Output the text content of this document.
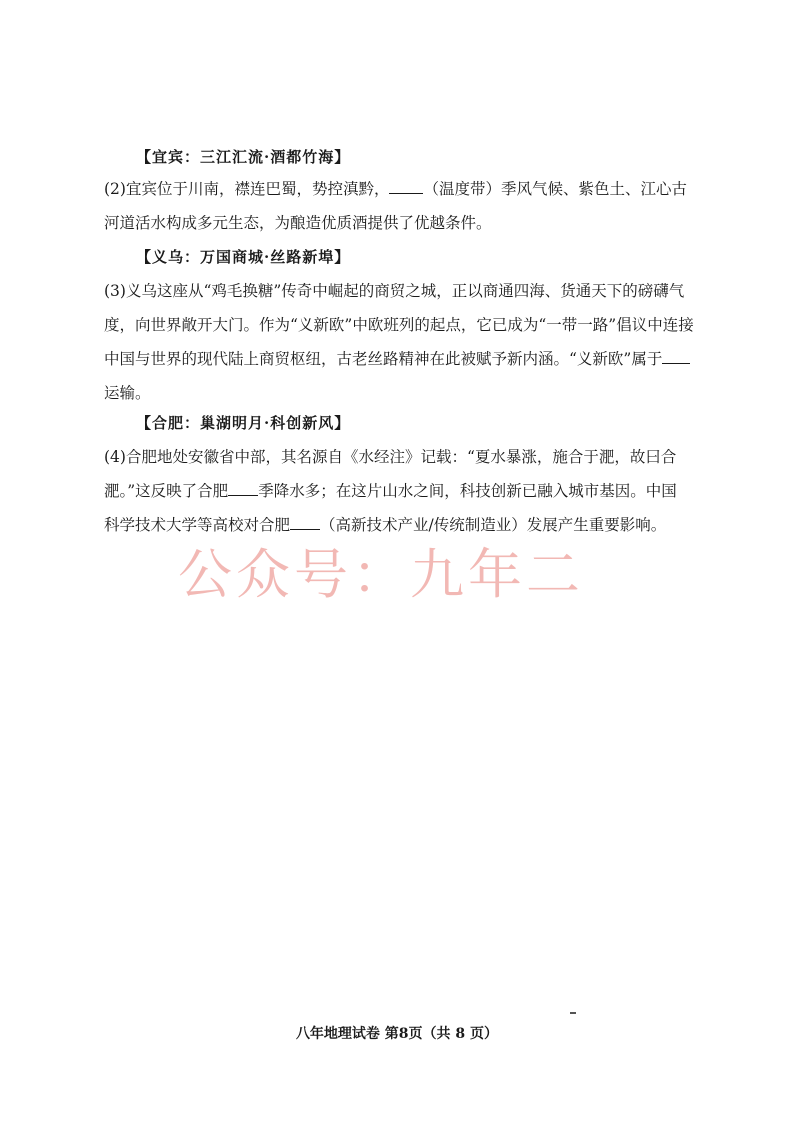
【宜宾：三江汇流·酒都竹海】
(2)宜宾位于川南，襟连巴蜀，势控滇黔， （温度带）季风气候、紫色土、江心古
河道活水构成多元生态，为酿造优质酒提供了优越条件。
【义乌：万国商城·丝路新埠】
(3)义乌这座从“鸡毛换糖”传奇中崛起的商贸之城，正以商通四海、货通天下的磅礴气
度，向世界敞开大门。作为“义新欧”中欧班列的起点，它已成为“一带一路”倡议中连接
中国与世界的现代陆上商贸枢纽，古老丝路精神在此被赋予新内涵。“义新欧”属于
运输。
【合肥：巢湖明月·科创新风】
(4)合肥地处安徽省中部，其名源自《水经注》记载：“夏水暴涨，施合于淝，故曰合
淝。”这反映了合肥 季降水多；在这片山水之间，科技创新已融入城市基因。中国
科学技术大学等高校对合肥 （高新技术产业/传统制造业）发展产生重要影响。
公众号：九年二
八年地理试卷 第8页（共 8 页）
